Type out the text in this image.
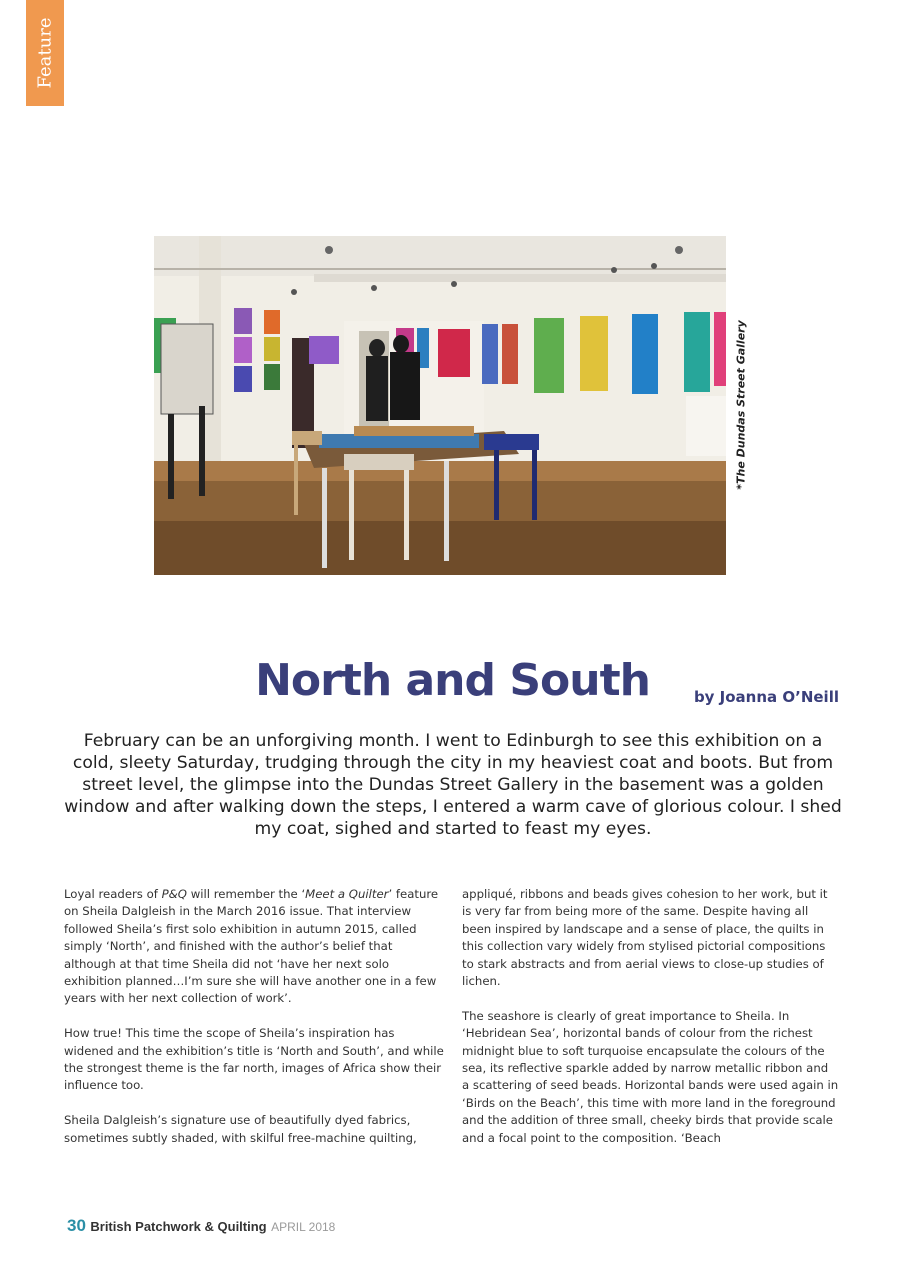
Feature
*The Dundas Street Gallery
North and South	by Joanna O’Neill

February can be an unforgiving month. I went to Edinburgh to see this exhibition on a cold, sleety Saturday, trudging through the city in my heaviest coat and boots. But from street level, the glimpse into the Dundas Street Gallery in the basement was a golden window and after walking down the steps, I entered a warm cave of glorious colour. I shed my coat, sighed and started to feast my eyes.

Loyal readers of P&Q will remember the ‘Meet a Quilter’ feature on Sheila Dalgleish in the March 2016 issue. That interview followed Sheila’s first solo exhibition in autumn 2015, called simply ‘North’, and finished with the author’s belief that although at that time Sheila did not ‘have her next solo exhibition planned…I’m sure she will have another one in a few years with her next collection of work’.

How true! This time the scope of Sheila’s inspiration has widened and the exhibition’s title is ‘North and South’, and while the strongest theme is the far north, images of Africa show their influence too.

Sheila Dalgleish’s signature use of beautifully dyed fabrics, sometimes subtly shaded, with skilful free-machine quilting,

appliqué, ribbons and beads gives cohesion to her work, but it is very far from being more of the same. Despite having all been inspired by landscape and a sense of place, the quilts in this collection vary widely from stylised pictorial compositions to stark abstracts and from aerial views to close-up studies of lichen.

The seashore is clearly of great importance to Sheila. In ‘Hebridean Sea’, horizontal bands of colour from the richest midnight blue to soft turquoise encapsulate the colours of the sea, its reflective sparkle added by narrow metallic ribbon and a scattering of seed beads. Horizontal bands were used again in ‘Birds on the Beach’, this time with more land in the foreground and the addition of three small, cheeky birds that provide scale and a focal point to the composition. ‘Beach

30 British Patchwork & Quilting APRIL 2018
